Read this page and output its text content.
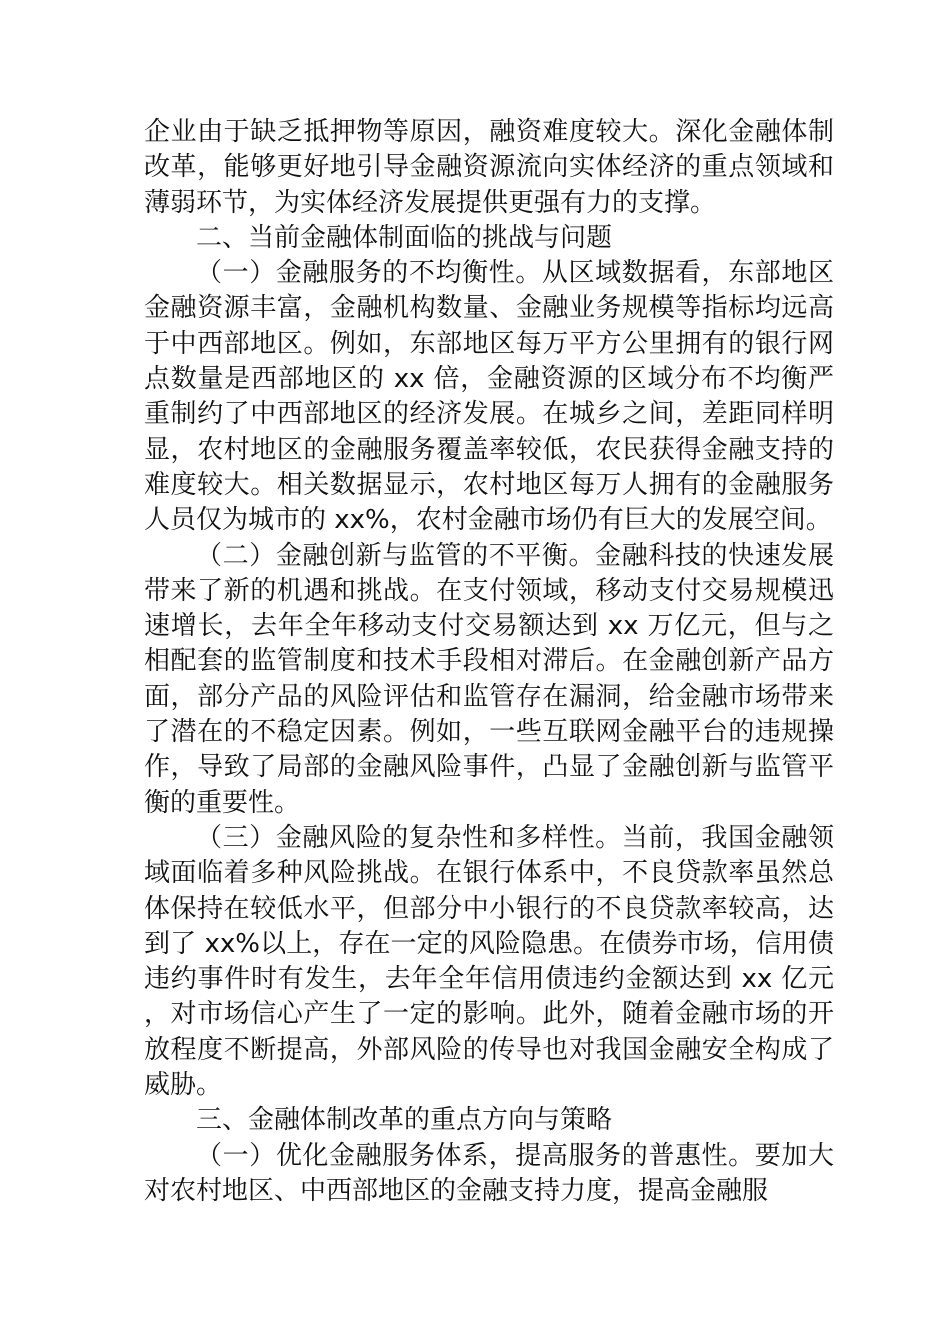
企业由于缺乏抵押物等原因，融资难度较大。深化金融体制改革，能够更好地引导金融资源流向实体经济的重点领域和薄弱环节，为实体经济发展提供更强有力的支撑。

二、当前金融体制面临的挑战与问题

（一）金融服务的不均衡性。从区域数据看，东部地区金融资源丰富，金融机构数量、金融业务规模等指标均远高于中西部地区。例如，东部地区每万平方公里拥有的银行网点数量是西部地区的 xx 倍，金融资源的区域分布不均衡严重制约了中西部地区的经济发展。在城乡之间，差距同样明显，农村地区的金融服务覆盖率较低，农民获得金融支持的难度较大。相关数据显示，农村地区每万人拥有的金融服务人员仅为城市的 xx%，农村金融市场仍有巨大的发展空间。

（二）金融创新与监管的不平衡。金融科技的快速发展带来了新的机遇和挑战。在支付领域，移动支付交易规模迅速增长，去年全年移动支付交易额达到 xx 万亿元，但与之相配套的监管制度和技术手段相对滞后。在金融创新产品方面，部分产品的风险评估和监管存在漏洞，给金融市场带来了潜在的不稳定因素。例如，一些互联网金融平台的违规操作，导致了局部的金融风险事件，凸显了金融创新与监管平衡的重要性。

（三）金融风险的复杂性和多样性。当前，我国金融领域面临着多种风险挑战。在银行体系中，不良贷款率虽然总体保持在较低水平，但部分中小银行的不良贷款率较高，达到了 xx%以上，存在一定的风险隐患。在债券市场，信用债违约事件时有发生，去年全年信用债违约金额达到 xx 亿元，对市场信心产生了一定的影响。此外，随着金融市场的开放程度不断提高，外部风险的传导也对我国金融安全构成了威胁。

三、金融体制改革的重点方向与策略

（一）优化金融服务体系，提高服务的普惠性。要加大对农村地区、中西部地区的金融支持力度，提高金融服
